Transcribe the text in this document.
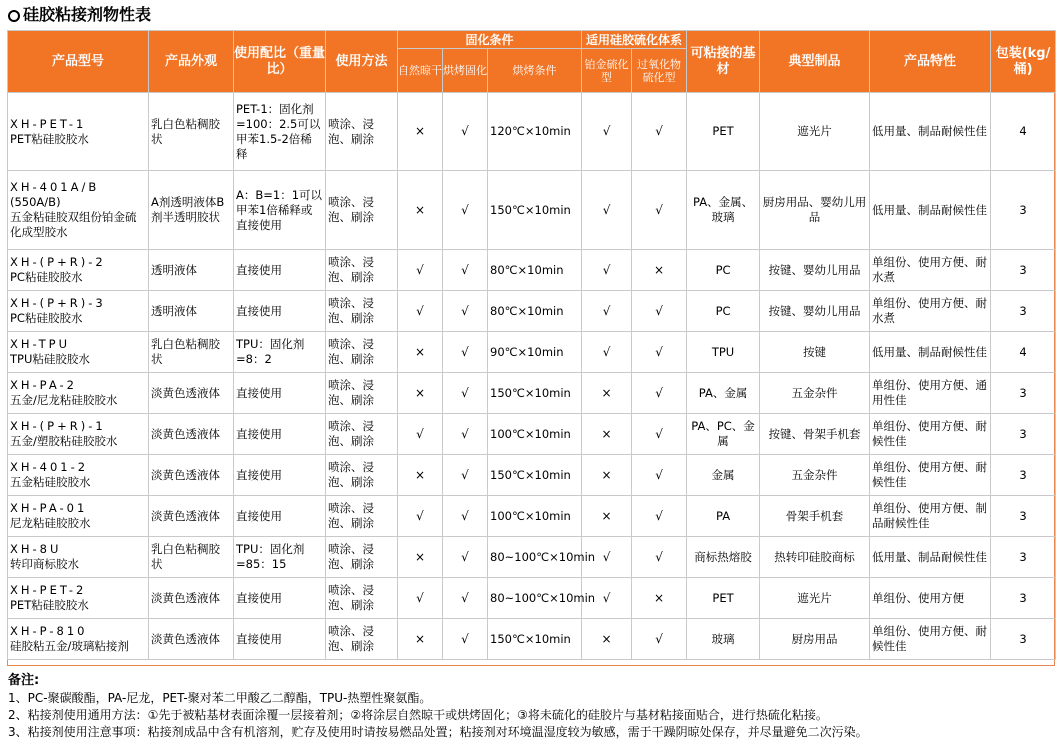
硅胶粘接剂物性表
产品型号	产品外观	使用配比（重量比）	使用方法	固化条件			适用硅胶硫化体系		可粘接的基材	典型制品	产品特性	包装(kg/桶)
				自然晾干	烘烤固化	烘烤条件	铂金硫化型	过氧化物硫化型				

XH-PET-1
PET粘硅胶胶水	乳白色粘稠胶状	PET-1：固化剂=100：2.5可以甲苯1.5-2倍稀释	喷涂、浸泡、刷涂	×	√	120℃×10min	√	√	PET	遮光片	低用量、制品耐候性佳	4

XH-401A/B
(550A/B)
五金粘硅胶双组份铂金硫化成型胶水	A剂透明液体B剂半透明胶状	A：B=1：1可以甲苯1倍稀释或直接使用	喷涂、浸泡、刷涂	×	√	150℃×10min	√	√	PA、金属、玻璃	厨房用品、婴幼儿用品	低用量、制品耐候性佳	3

XH-(P+R)-2
PC粘硅胶胶水	透明液体	直接使用	喷涂、浸泡、刷涂	√	√	80℃×10min	√	×	PC	按键、婴幼儿用品	单组份、使用方便、耐水煮	3

XH-(P+R)-3
PC粘硅胶胶水	透明液体	直接使用	喷涂、浸泡、刷涂	√	√	80℃×10min	√	√	PC	按键、婴幼儿用品	单组份、使用方便、耐水煮	3

XH-TPU
TPU粘硅胶胶水	乳白色粘稠胶状	TPU：固化剂=8：2	喷涂、浸泡、刷涂	×	√	90℃×10min	√	√	TPU	按键	低用量、制品耐候性佳	4

XH-PA-2
五金/尼龙粘硅胶胶水	淡黄色透液体	直接使用	喷涂、浸泡、刷涂	×	√	150℃×10min	×	√	PA、金属	五金杂件	单组份、使用方便、通用性佳	3

XH-(P+R)-1
五金/塑胶粘硅胶胶水	淡黄色透液体	直接使用	喷涂、浸泡、刷涂	√	√	100℃×10min	×	√	PA、PC、金属	按键、骨架手机套	单组份、使用方便、耐候性佳	3

XH-401-2
五金粘硅胶胶水	淡黄色透液体	直接使用	喷涂、浸泡、刷涂	×	√	150℃×10min	×	√	金属	五金杂件	单组份、使用方便、耐候性佳	3

XH-PA-01
尼龙粘硅胶胶水	淡黄色透液体	直接使用	喷涂、浸泡、刷涂	√	√	100℃×10min	×	√	PA	骨架手机套	单组份、使用方便、制品耐候性佳	3

XH-8U
转印商标胶水	乳白色粘稠胶状	TPU：固化剂=85：15	喷涂、浸泡、刷涂	×	√	80~100℃×10min	√	√	商标热熔胶	热转印硅胶商标	低用量、制品耐候性佳	3

XH-PET-2
PET粘硅胶胶水	淡黄色透液体	直接使用	喷涂、浸泡、刷涂	√	√	80~100℃×10min	√	×	PET	遮光片	单组份、使用方便	3

XH-P-810
硅胶粘五金/玻璃粘接剂	淡黄色透液体	直接使用	喷涂、浸泡、刷涂	×	√	150℃×10min	×	√	玻璃	厨房用品	单组份、使用方便、耐候性佳	3
备注:
1、PC-聚碳酸酯，PA-尼龙，PET-聚对苯二甲酸乙二醇酯，TPU-热塑性聚氨酯。
2、粘接剂使用通用方法：①先于被粘基材表面涂覆一层接着剂；②将涂层自然晾干或烘烤固化；③将未硫化的硅胶片与基材粘接面贴合，进行热硫化粘接。
3、粘接剂使用注意事项：粘接剂成品中含有机溶剂，贮存及使用时请按易燃品处置；粘接剂对环境温湿度较为敏感，需于干躁阴晾处保存，并尽量避免二次污染。
